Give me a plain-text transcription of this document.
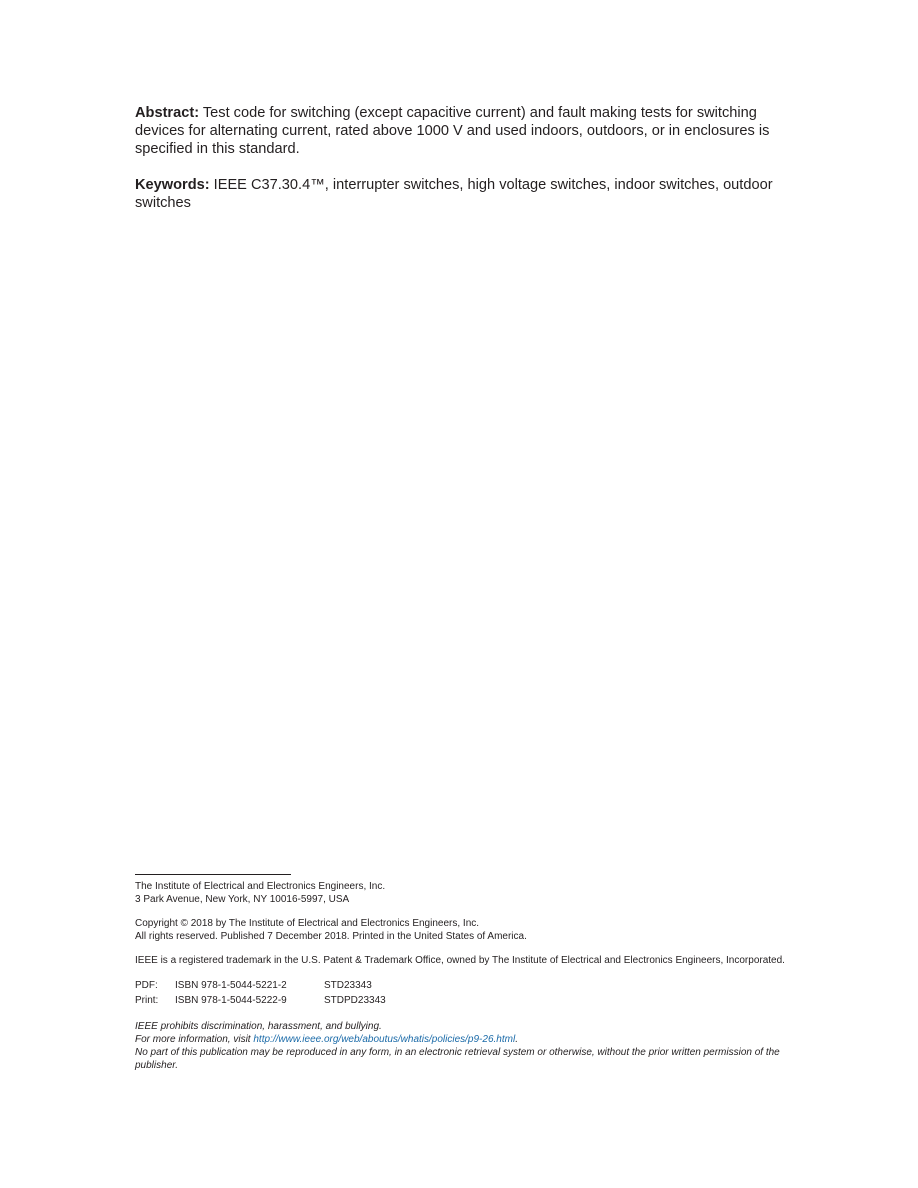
Abstract: Test code for switching (except capacitive current) and fault making tests for switching devices for alternating current, rated above 1000 V and used indoors, outdoors, or in enclosures is specified in this standard.

Keywords: IEEE C37.30.4™, interrupter switches, high voltage switches, indoor switches, outdoor switches

The Institute of Electrical and Electronics Engineers, Inc.
3 Park Avenue, New York, NY 10016-5997, USA
Copyright © 2018 by The Institute of Electrical and Electronics Engineers, Inc.
All rights reserved. Published 7 December 2018. Printed in the United States of America.
IEEE is a registered trademark in the U.S. Patent & Trademark Office, owned by The Institute of Electrical and Electronics Engineers, Incorporated.
PDF:	ISBN 978-1-5044-5221-2	STD23343
Print:	ISBN 978-1-5044-5222-9	STDPD23343
IEEE prohibits discrimination, harassment, and bullying.
For more information, visit http://www.ieee.org/web/aboutus/whatis/policies/p9-26.html.
No part of this publication may be reproduced in any form, in an electronic retrieval system or otherwise, without the prior written permission of the publisher.
